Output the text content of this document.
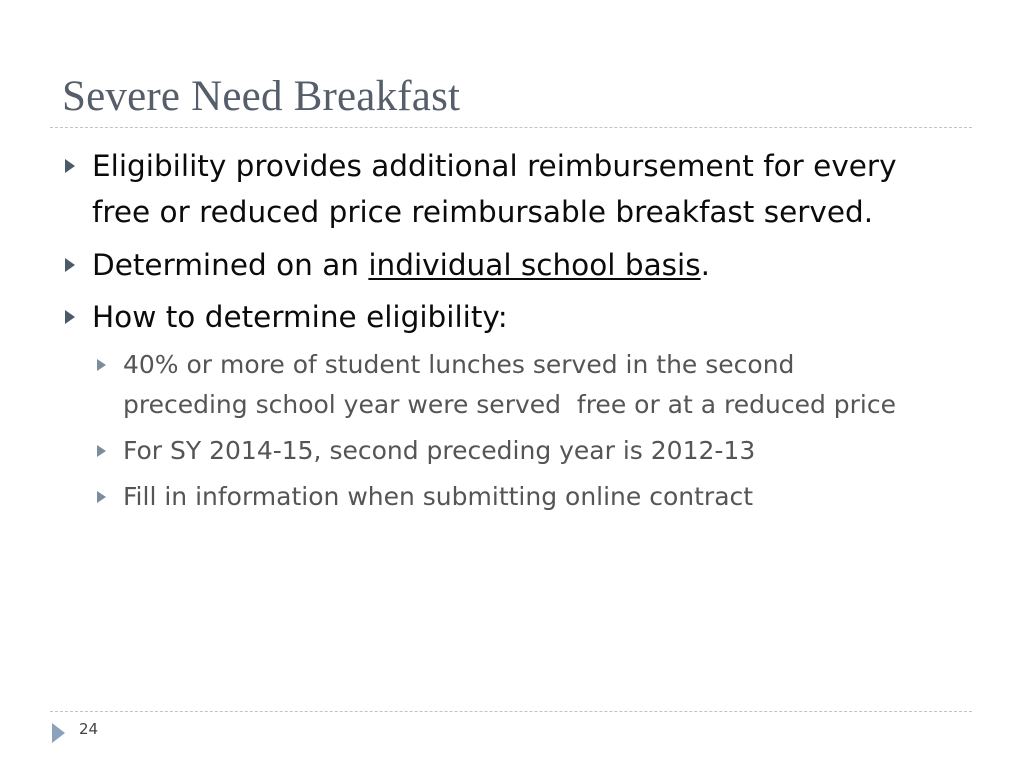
Severe Need Breakfast
Eligibility provides additional reimbursement for every
free or reduced price reimbursable breakfast served.
Determined on an individual school basis.
How to determine eligibility:
40% or more of student lunches served in the second
preceding school year were served  free or at a reduced price
For SY 2014-15, second preceding year is 2012-13
Fill in information when submitting online contract
24
